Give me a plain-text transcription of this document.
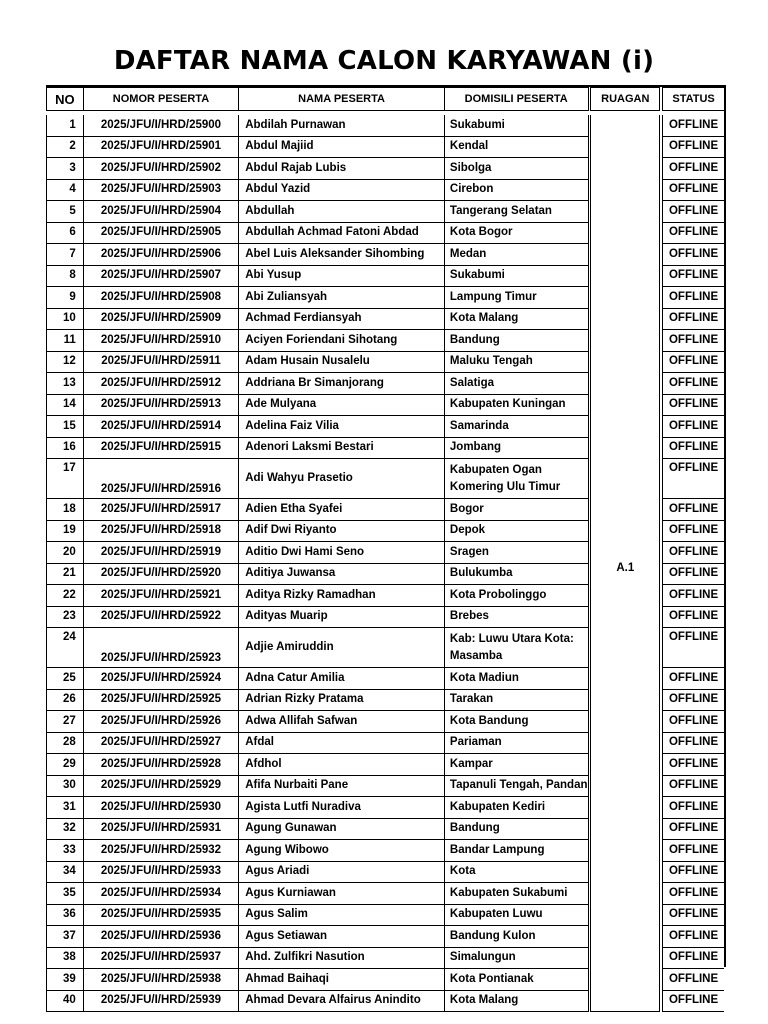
DAFTAR NAMA CALON KARYAWAN (i)
NO	NOMOR PESERTA	NAMA PESERTA	DOMISILI PESERTA		RUAGAN		STATUS

1	2025/JFU/I/HRD/25900	Abdilah Purnawan	Sukabumi		A.1		OFFLINE
2	2025/JFU/I/HRD/25901	Abdul Majiid	Kendal			OFFLINE
3	2025/JFU/I/HRD/25902	Abdul Rajab Lubis	Sibolga			OFFLINE
4	2025/JFU/I/HRD/25903	Abdul Yazid	Cirebon			OFFLINE
5	2025/JFU/I/HRD/25904	Abdullah	Tangerang Selatan			OFFLINE
6	2025/JFU/I/HRD/25905	Abdullah Achmad Fatoni Abdad	Kota Bogor			OFFLINE
7	2025/JFU/I/HRD/25906	Abel Luis Aleksander Sihombing	Medan			OFFLINE
8	2025/JFU/I/HRD/25907	Abi Yusup	Sukabumi			OFFLINE
9	2025/JFU/I/HRD/25908	Abi Zuliansyah	Lampung Timur			OFFLINE
10	2025/JFU/I/HRD/25909	Achmad Ferdiansyah	Kota Malang			OFFLINE
11	2025/JFU/I/HRD/25910	Aciyen Foriendani Sihotang	Bandung			OFFLINE
12	2025/JFU/I/HRD/25911	Adam Husain Nusalelu	Maluku Tengah			OFFLINE
13	2025/JFU/I/HRD/25912	Addriana Br Simanjorang	Salatiga			OFFLINE
14	2025/JFU/I/HRD/25913	Ade Mulyana	Kabupaten Kuningan			OFFLINE
15	2025/JFU/I/HRD/25914	Adelina Faiz Vilia	Samarinda			OFFLINE
16	2025/JFU/I/HRD/25915	Adenori Laksmi Bestari	Jombang			OFFLINE
17	2025/JFU/I/HRD/25916	Adi Wahyu Prasetio	Kabupaten Ogan Komering Ulu Timur			OFFLINE
18	2025/JFU/I/HRD/25917	Adien Etha Syafei	Bogor			OFFLINE
19	2025/JFU/I/HRD/25918	Adif Dwi Riyanto	Depok			OFFLINE
20	2025/JFU/I/HRD/25919	Aditio Dwi Hami Seno	Sragen			OFFLINE
21	2025/JFU/I/HRD/25920	Aditiya Juwansa	Bulukumba			OFFLINE
22	2025/JFU/I/HRD/25921	Aditya Rizky Ramadhan	Kota Probolinggo			OFFLINE
23	2025/JFU/I/HRD/25922	Adityas Muarip	Brebes			OFFLINE
24	2025/JFU/I/HRD/25923	Adjie Amiruddin	Kab: Luwu Utara Kota: Masamba			OFFLINE
25	2025/JFU/I/HRD/25924	Adna Catur Amilia	Kota Madiun			OFFLINE
26	2025/JFU/I/HRD/25925	Adrian Rizky Pratama	Tarakan			OFFLINE
27	2025/JFU/I/HRD/25926	Adwa Allifah Safwan	Kota Bandung			OFFLINE
28	2025/JFU/I/HRD/25927	Afdal	Pariaman			OFFLINE
29	2025/JFU/I/HRD/25928	Afdhol	Kampar			OFFLINE
30	2025/JFU/I/HRD/25929	Afifa Nurbaiti Pane	Tapanuli Tengah, Pandan			OFFLINE
31	2025/JFU/I/HRD/25930	Agista Lutfi Nuradiva	Kabupaten Kediri			OFFLINE
32	2025/JFU/I/HRD/25931	Agung Gunawan	Bandung			OFFLINE
33	2025/JFU/I/HRD/25932	Agung Wibowo	Bandar Lampung			OFFLINE
34	2025/JFU/I/HRD/25933	Agus Ariadi	Kota			OFFLINE
35	2025/JFU/I/HRD/25934	Agus Kurniawan	Kabupaten Sukabumi			OFFLINE
36	2025/JFU/I/HRD/25935	Agus Salim	Kabupaten Luwu			OFFLINE
37	2025/JFU/I/HRD/25936	Agus Setiawan	Bandung Kulon			OFFLINE
38	2025/JFU/I/HRD/25937	Ahd. Zulfikri Nasution	Simalungun			OFFLINE
39	2025/JFU/I/HRD/25938	Ahmad Baihaqi	Kota Pontianak			OFFLINE
40	2025/JFU/I/HRD/25939	Ahmad Devara Alfairus Anindito	Kota Malang			OFFLINE
